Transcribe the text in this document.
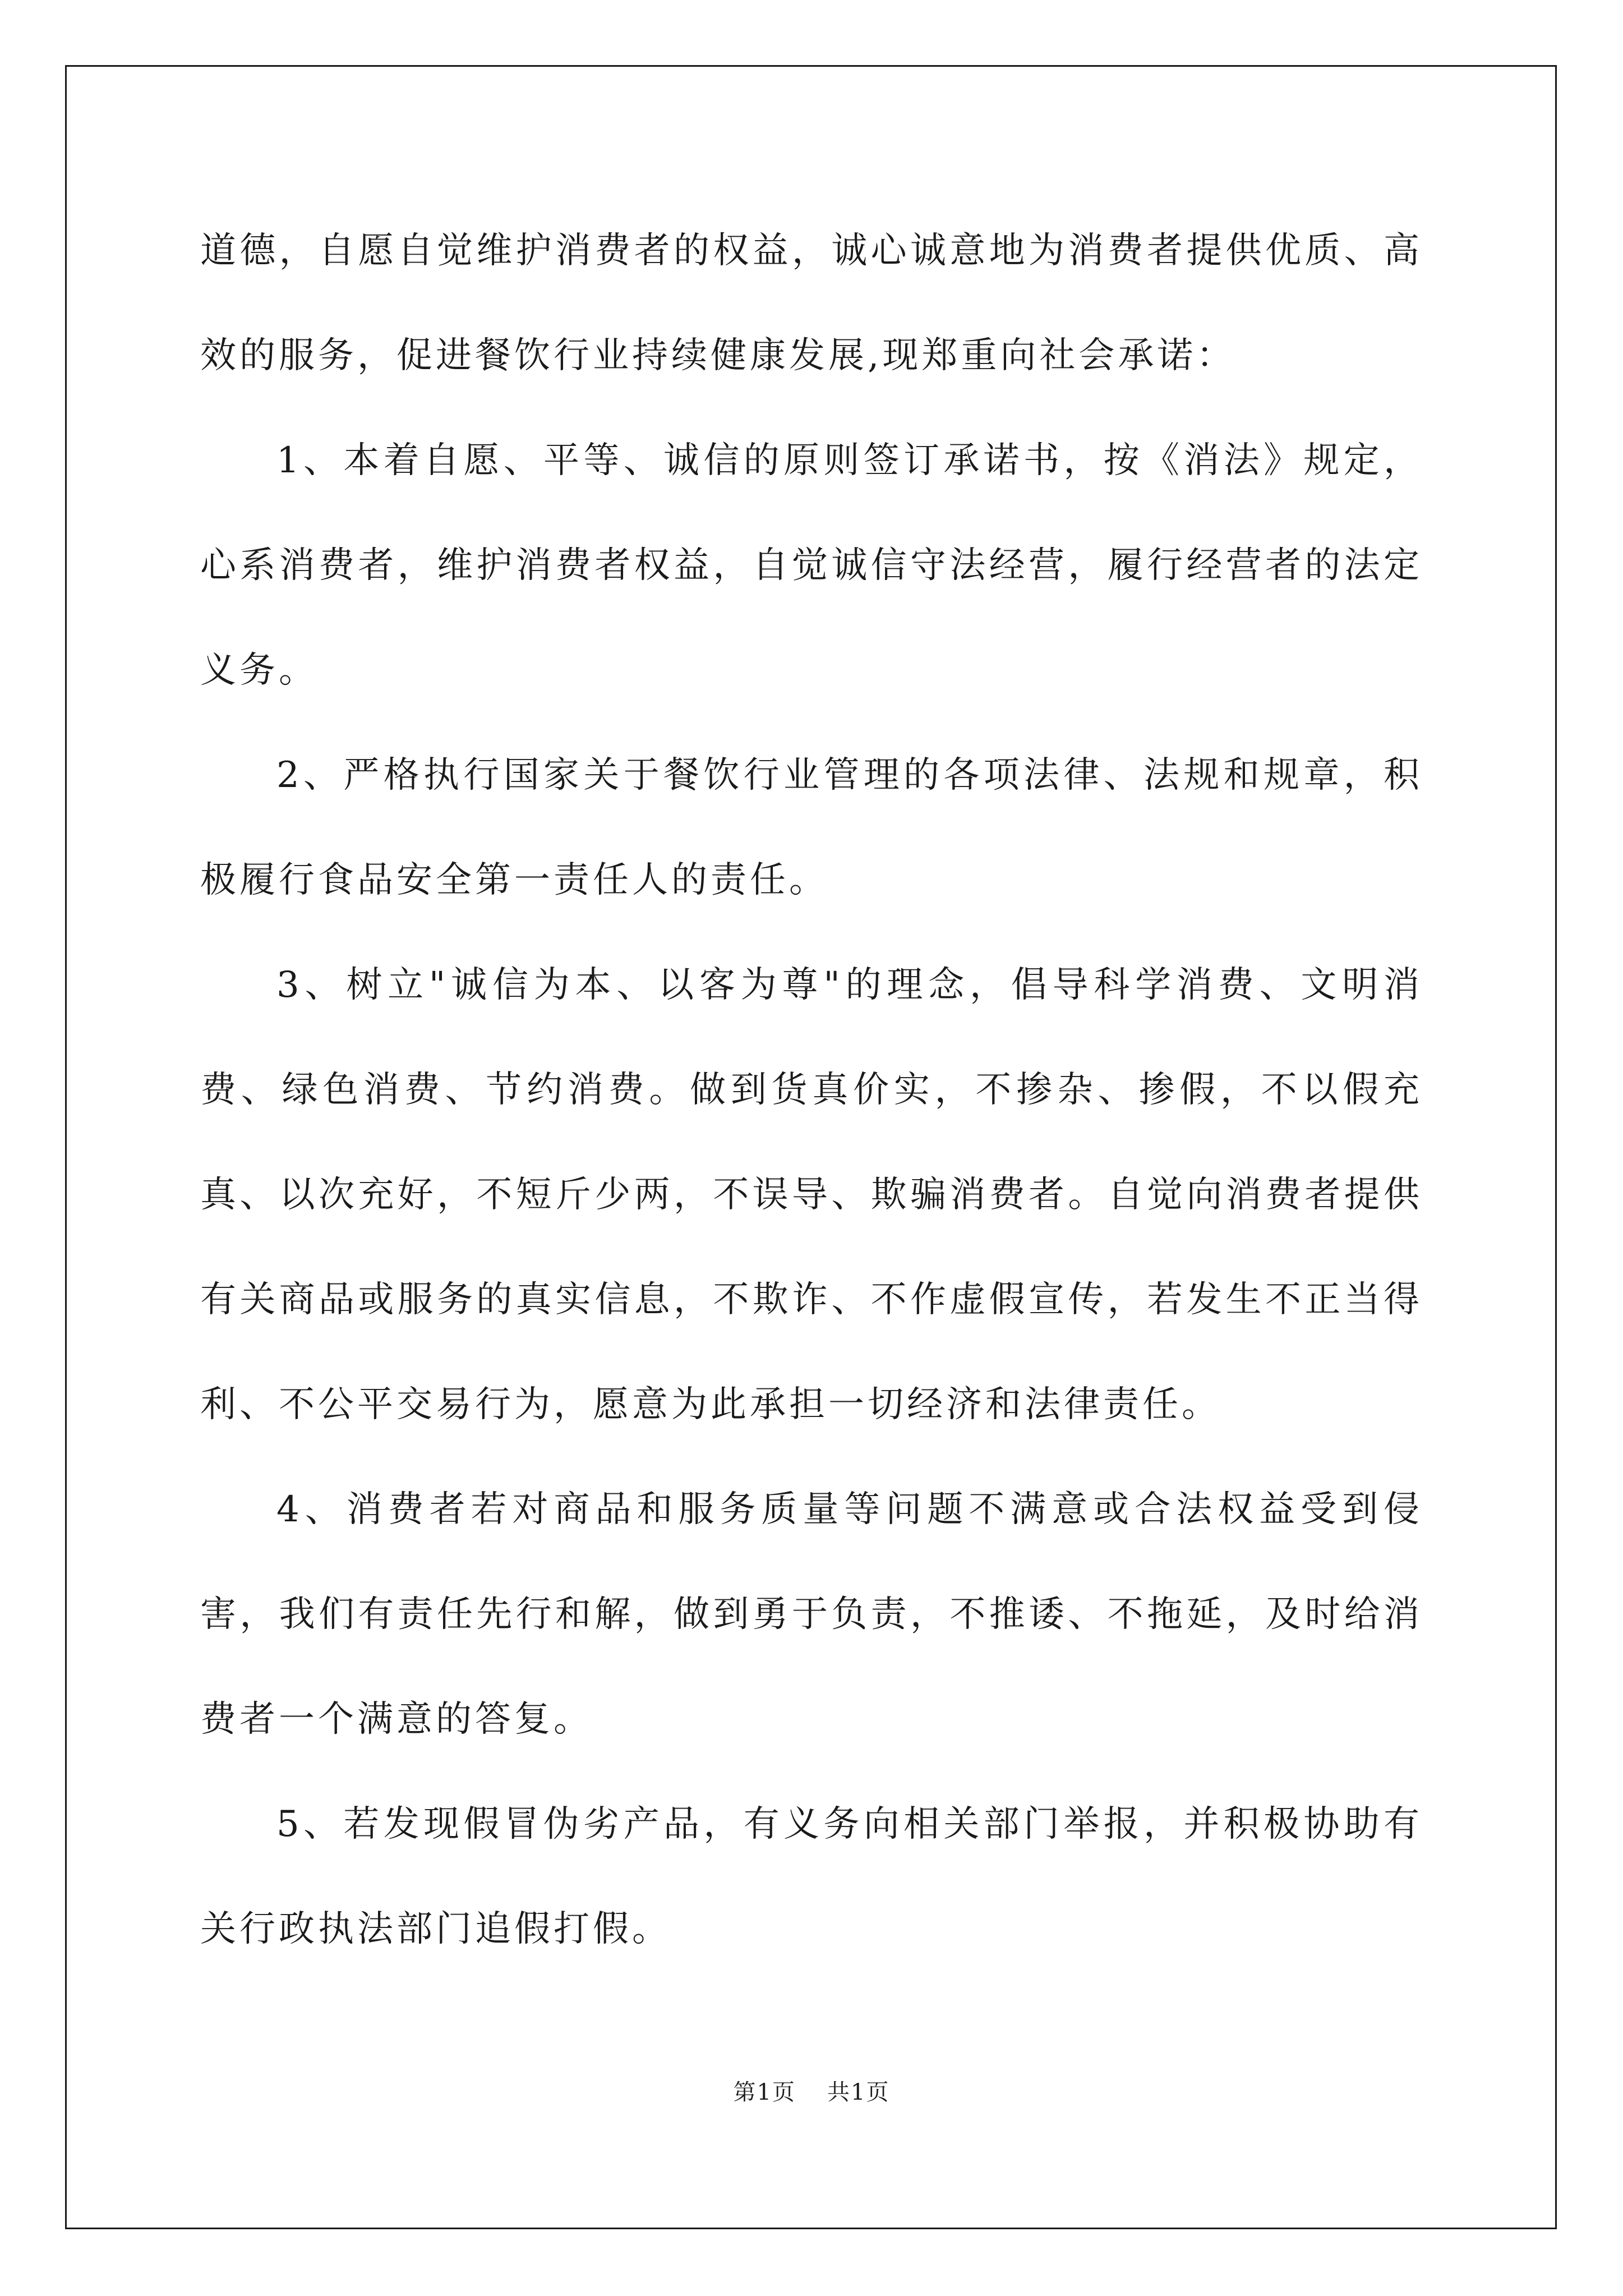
道德，自愿自觉维护消费者的权益，诚心诚意地为消费者提供优质、高效的服务，促进餐饮行业持续健康发展,现郑重向社会承诺：

1、本着自愿、平等、诚信的原则签订承诺书，按《消法》规定，心系消费者，维护消费者权益，自觉诚信守法经营，履行经营者的法定义务。

2、严格执行国家关于餐饮行业管理的各项法律、法规和规章，积极履行食品安全第一责任人的责任。

3、树立"诚信为本、以客为尊"的理念，倡导科学消费、文明消费、绿色消费、节约消费。做到货真价实，不掺杂、掺假，不以假充真、以次充好，不短斤少两，不误导、欺骗消费者。自觉向消费者提供有关商品或服务的真实信息，不欺诈、不作虚假宣传，若发生不正当得利、不公平交易行为，愿意为此承担一切经济和法律责任。

4、消费者若对商品和服务质量等问题不满意或合法权益受到侵害，我们有责任先行和解，做到勇于负责，不推诿、不拖延，及时给消费者一个满意的答复。

5、若发现假冒伪劣产品，有义务向相关部门举报，并积极协助有关行政执法部门追假打假。

第1页 共1页
